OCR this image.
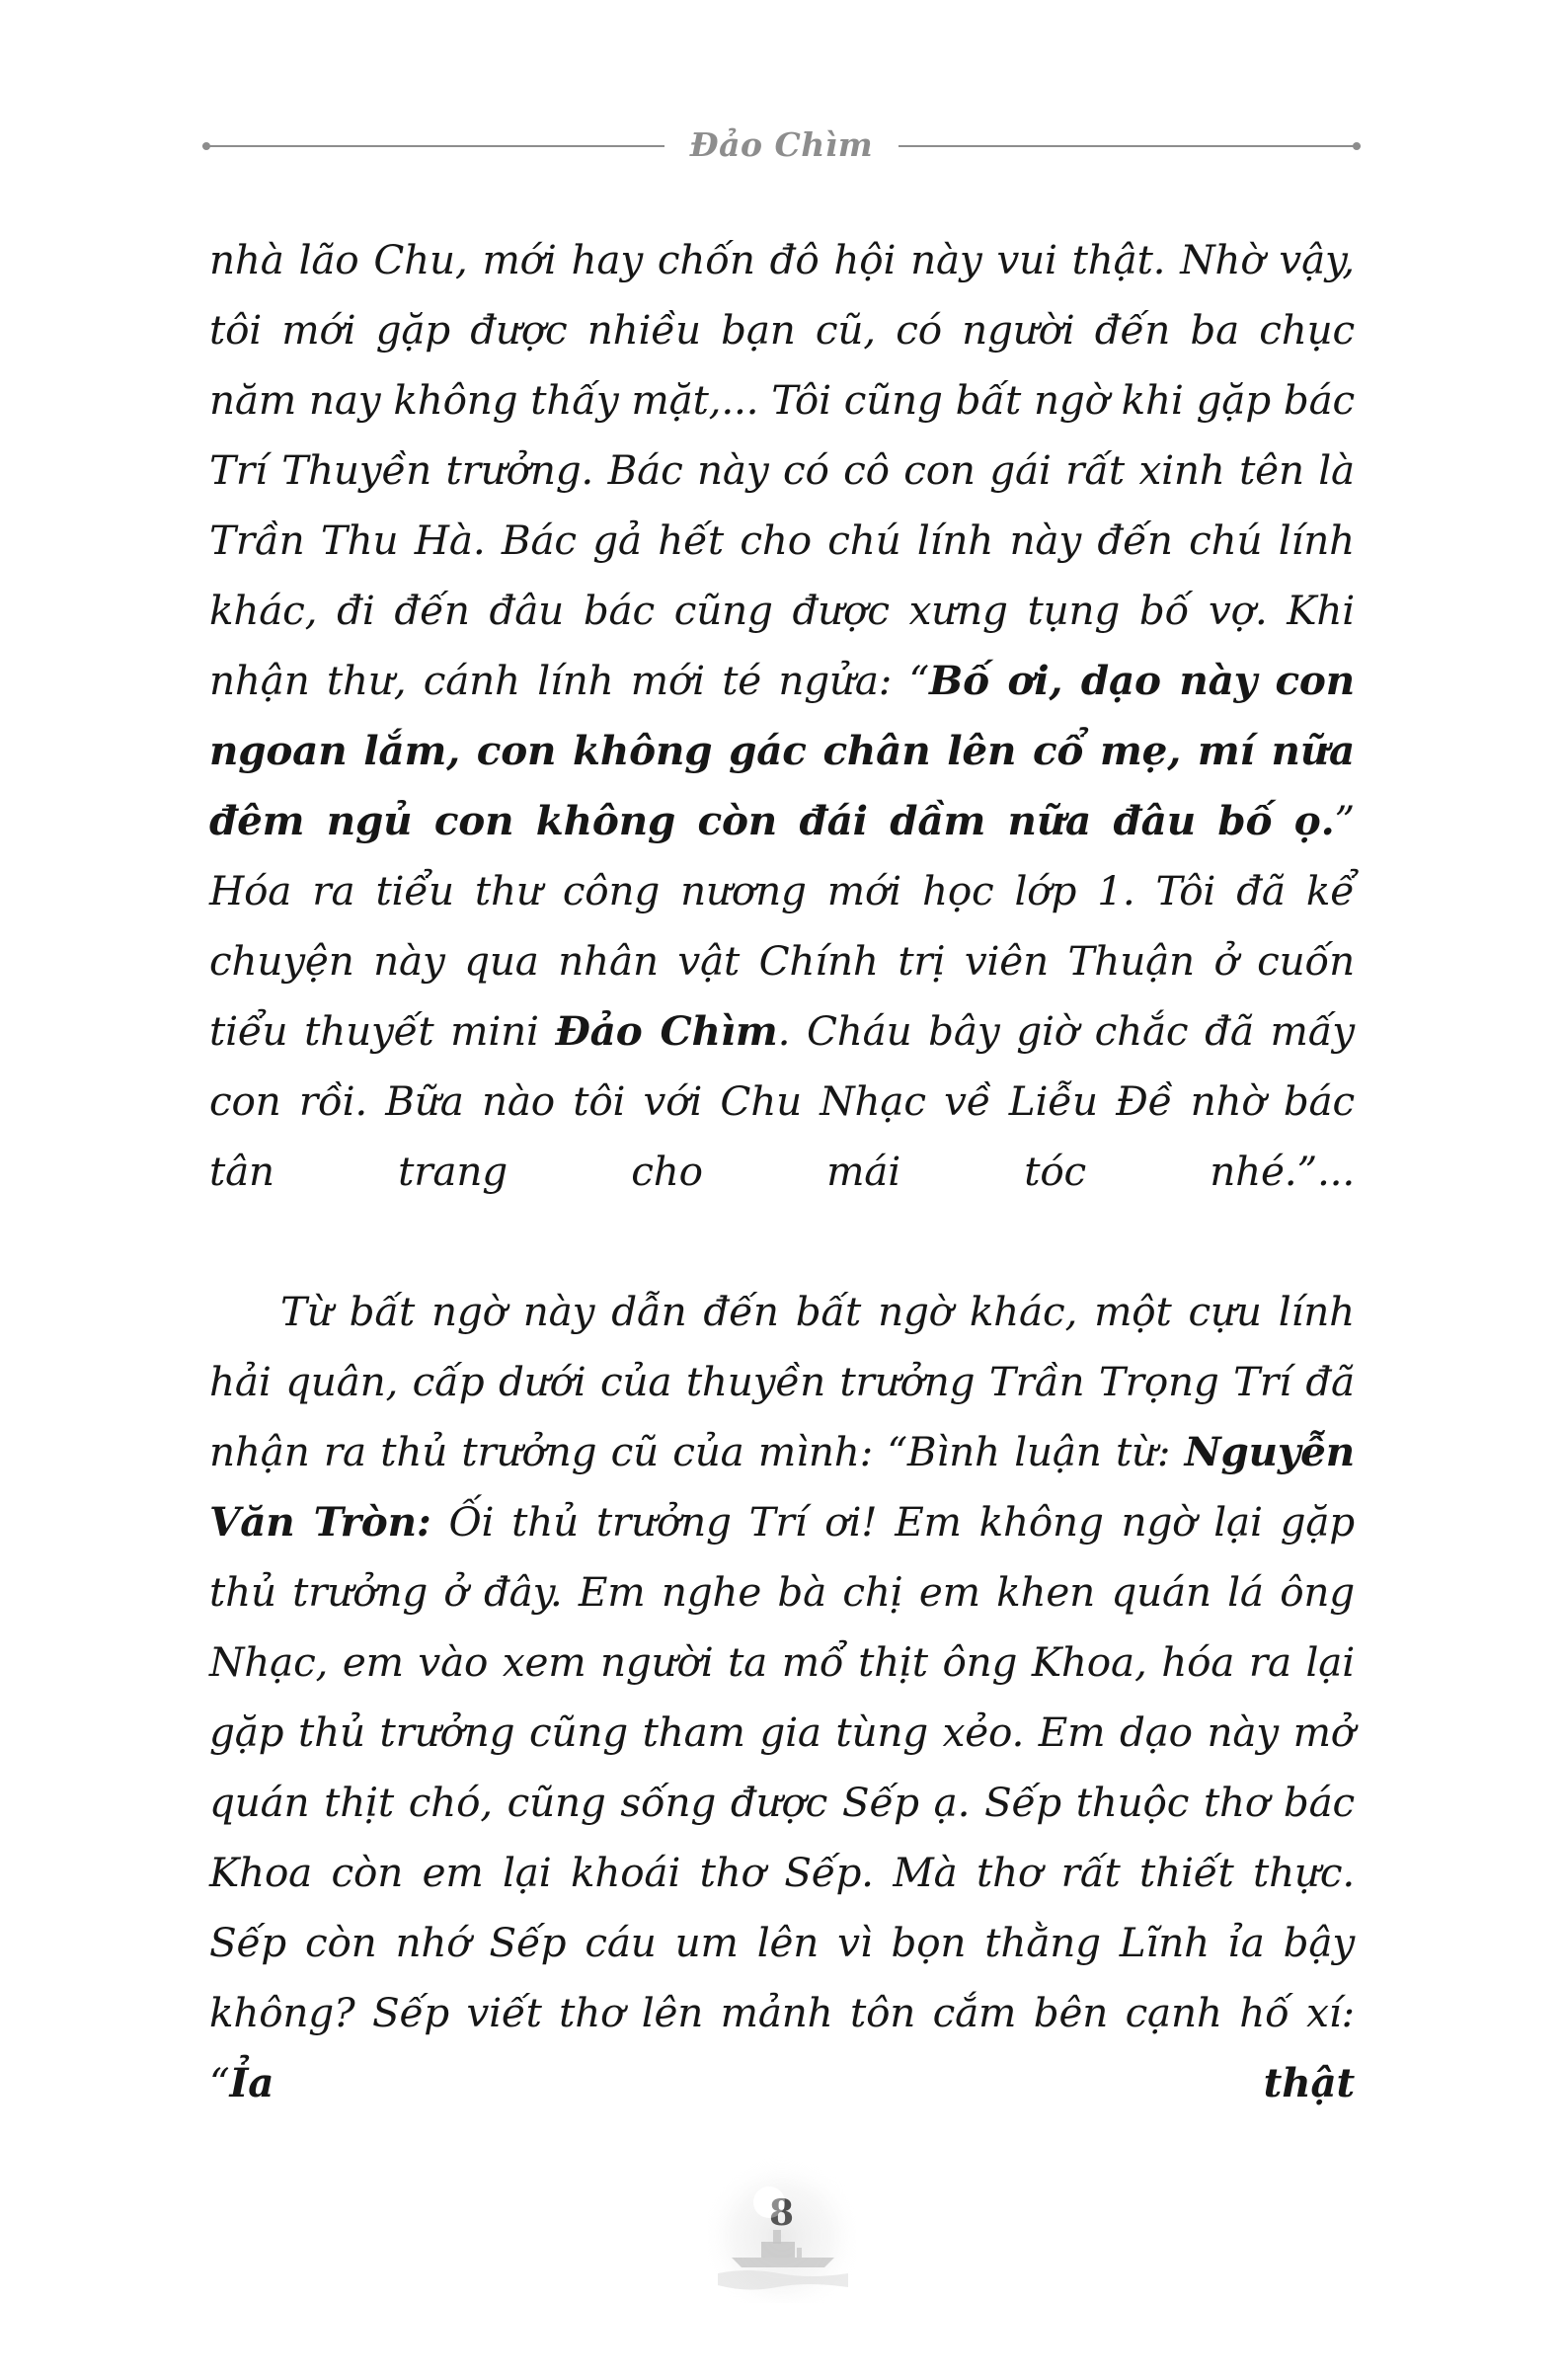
Đảo Chìm

nhà lão Chu, mới hay chốn đô hội này vui thật. Nhờ vậy, tôi mới gặp được nhiều bạn cũ, có người đến ba chục năm nay không thấy mặt,... Tôi cũng bất ngờ khi gặp bác Trí Thuyền trưởng. Bác này có cô con gái rất xinh tên là Trần Thu Hà. Bác gả hết cho chú lính này đến chú lính khác, đi đến đâu bác cũng được xưng tụng bố vợ. Khi nhận thư, cánh lính mới té ngửa: “Bố ơi, dạo này con ngoan lắm, con không gác chân lên cổ mẹ, mí nữa đêm ngủ con không còn đái dầm nữa đâu bố ọ.” Hóa ra tiểu thư công nương mới học lớp 1. Tôi đã kể chuyện này qua nhân vật Chính trị viên Thuận ở cuốn tiểu thuyết mini Đảo Chìm. Cháu bây giờ chắc đã mấy con rồi. Bữa nào tôi với Chu Nhạc về Liễu Đề nhờ bác tân trang cho mái tóc nhé.”...

Từ bất ngờ này dẫn đến bất ngờ khác, một cựu lính hải quân, cấp dưới của thuyền trưởng Trần Trọng Trí đã nhận ra thủ trưởng cũ của mình: “Bình luận từ: Nguyễn Văn Tròn: Ối thủ trưởng Trí ơi! Em không ngờ lại gặp thủ trưởng ở đây. Em nghe bà chị em khen quán lá ông Nhạc, em vào xem người ta mổ thịt ông Khoa, hóa ra lại gặp thủ trưởng cũng tham gia tùng xẻo. Em dạo này mở quán thịt chó, cũng sống được Sếp ạ. Sếp thuộc thơ bác Khoa còn em lại khoái thơ Sếp. Mà thơ rất thiết thực. Sếp còn nhớ Sếp cáu um lên vì bọn thằng Lĩnh ỉa bậy không? Sếp viết thơ lên mảnh tôn cắm bên cạnh hố xí: “Ỉa thật
